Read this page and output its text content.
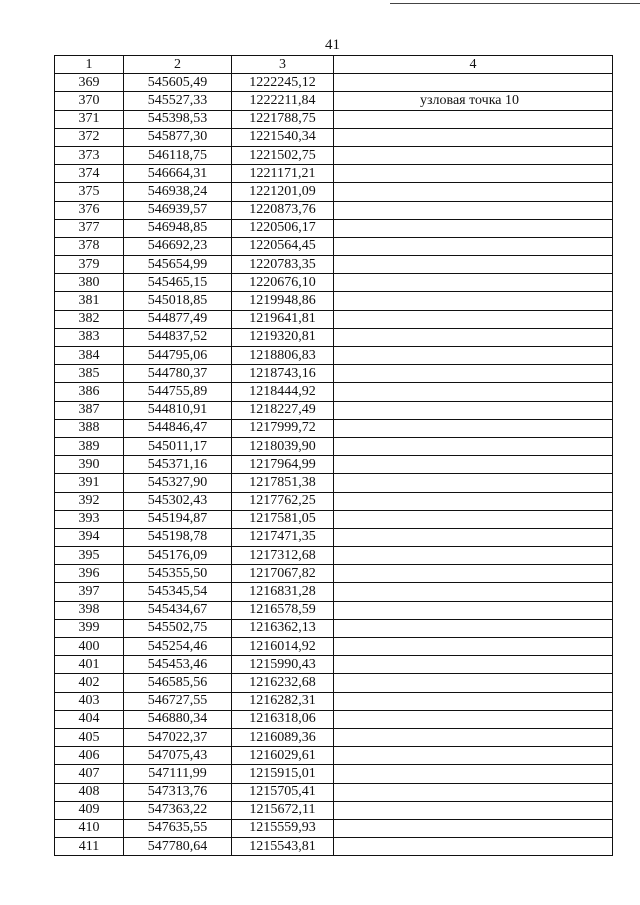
41
1	2	3	4
369	545605,49	1222245,12	
370	545527,33	1222211,84	узловая точка 10
371	545398,53	1221788,75	
372	545877,30	1221540,34	
373	546118,75	1221502,75	
374	546664,31	1221171,21	
375	546938,24	1221201,09	
376	546939,57	1220873,76	
377	546948,85	1220506,17	
378	546692,23	1220564,45	
379	545654,99	1220783,35	
380	545465,15	1220676,10	
381	545018,85	1219948,86	
382	544877,49	1219641,81	
383	544837,52	1219320,81	
384	544795,06	1218806,83	
385	544780,37	1218743,16	
386	544755,89	1218444,92	
387	544810,91	1218227,49	
388	544846,47	1217999,72	
389	545011,17	1218039,90	
390	545371,16	1217964,99	
391	545327,90	1217851,38	
392	545302,43	1217762,25	
393	545194,87	1217581,05	
394	545198,78	1217471,35	
395	545176,09	1217312,68	
396	545355,50	1217067,82	
397	545345,54	1216831,28	
398	545434,67	1216578,59	
399	545502,75	1216362,13	
400	545254,46	1216014,92	
401	545453,46	1215990,43	
402	546585,56	1216232,68	
403	546727,55	1216282,31	
404	546880,34	1216318,06	
405	547022,37	1216089,36	
406	547075,43	1216029,61	
407	547111,99	1215915,01	
408	547313,76	1215705,41	
409	547363,22	1215672,11	
410	547635,55	1215559,93	
411	547780,64	1215543,81	
